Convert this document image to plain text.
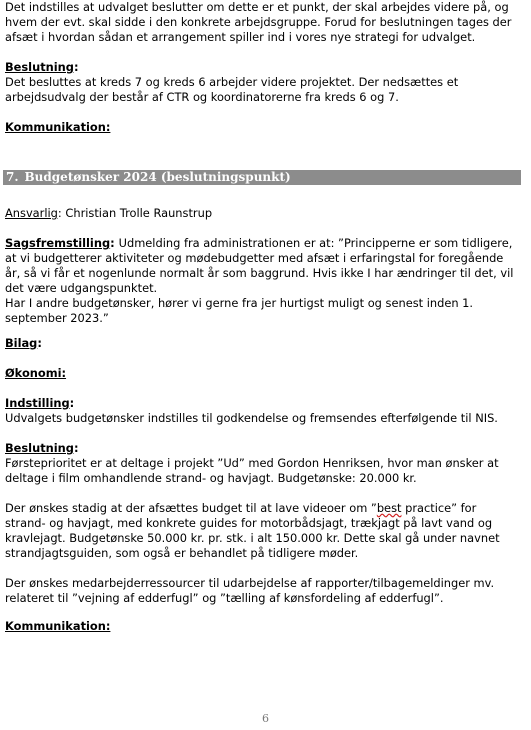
Det indstilles at udvalget beslutter om dette er et punkt, der skal arbejdes videre på, og

hvem der evt. skal sidde i den konkrete arbejdsgruppe. Forud for beslutningen tages der

afsæt i hvordan sådan et arrangement spiller ind i vores nye strategi for udvalget.

Beslutning:

Det besluttes at kreds 7 og kreds 6 arbejder videre projektet. Der nedsættes et

arbejdsudvalg der består af CTR og koordinatorerne fra kreds 6 og 7.

Kommunikation:

7. Budgetønsker 2024 (beslutningspunkt)

Ansvarlig: Christian Trolle Raunstrup

Sagsfremstilling: Udmelding fra administrationen er at: ”Principperne er som tidligere,

at vi budgetterer aktiviteter og mødebudgetter med afsæt i erfaringstal for foregående

år, så vi får et nogenlunde normalt år som baggrund. Hvis ikke I har ændringer til det, vil

det være udgangspunktet.

Har I andre budgetønsker, hører vi gerne fra jer hurtigst muligt og senest inden 1.

september 2023.”

Bilag:

Økonomi:

Indstilling:

Udvalgets budgetønsker indstilles til godkendelse og fremsendes efterfølgende til NIS.

Beslutning:

Førsteprioritet er at deltage i projekt ”Ud” med Gordon Henriksen, hvor man ønsker at

deltage i film omhandlende strand- og havjagt. Budgetønske: 20.000 kr.

Der ønskes stadig at der afsættes budget til at lave videoer om ”best practice” for

strand- og havjagt, med konkrete guides for motorbådsjagt, trækjagt på lavt vand og

kravlejagt. Budgetønske 50.000 kr. pr. stk. i alt 150.000 kr. Dette skal gå under navnet

strandjagtsguiden, som også er behandlet på tidligere møder.

Der ønskes medarbejderressourcer til udarbejdelse af rapporter/tilbagemeldinger mv.

relateret til ”vejning af edderfugl” og ”tælling af kønsfordeling af edderfugl”.

Kommunikation:

6
